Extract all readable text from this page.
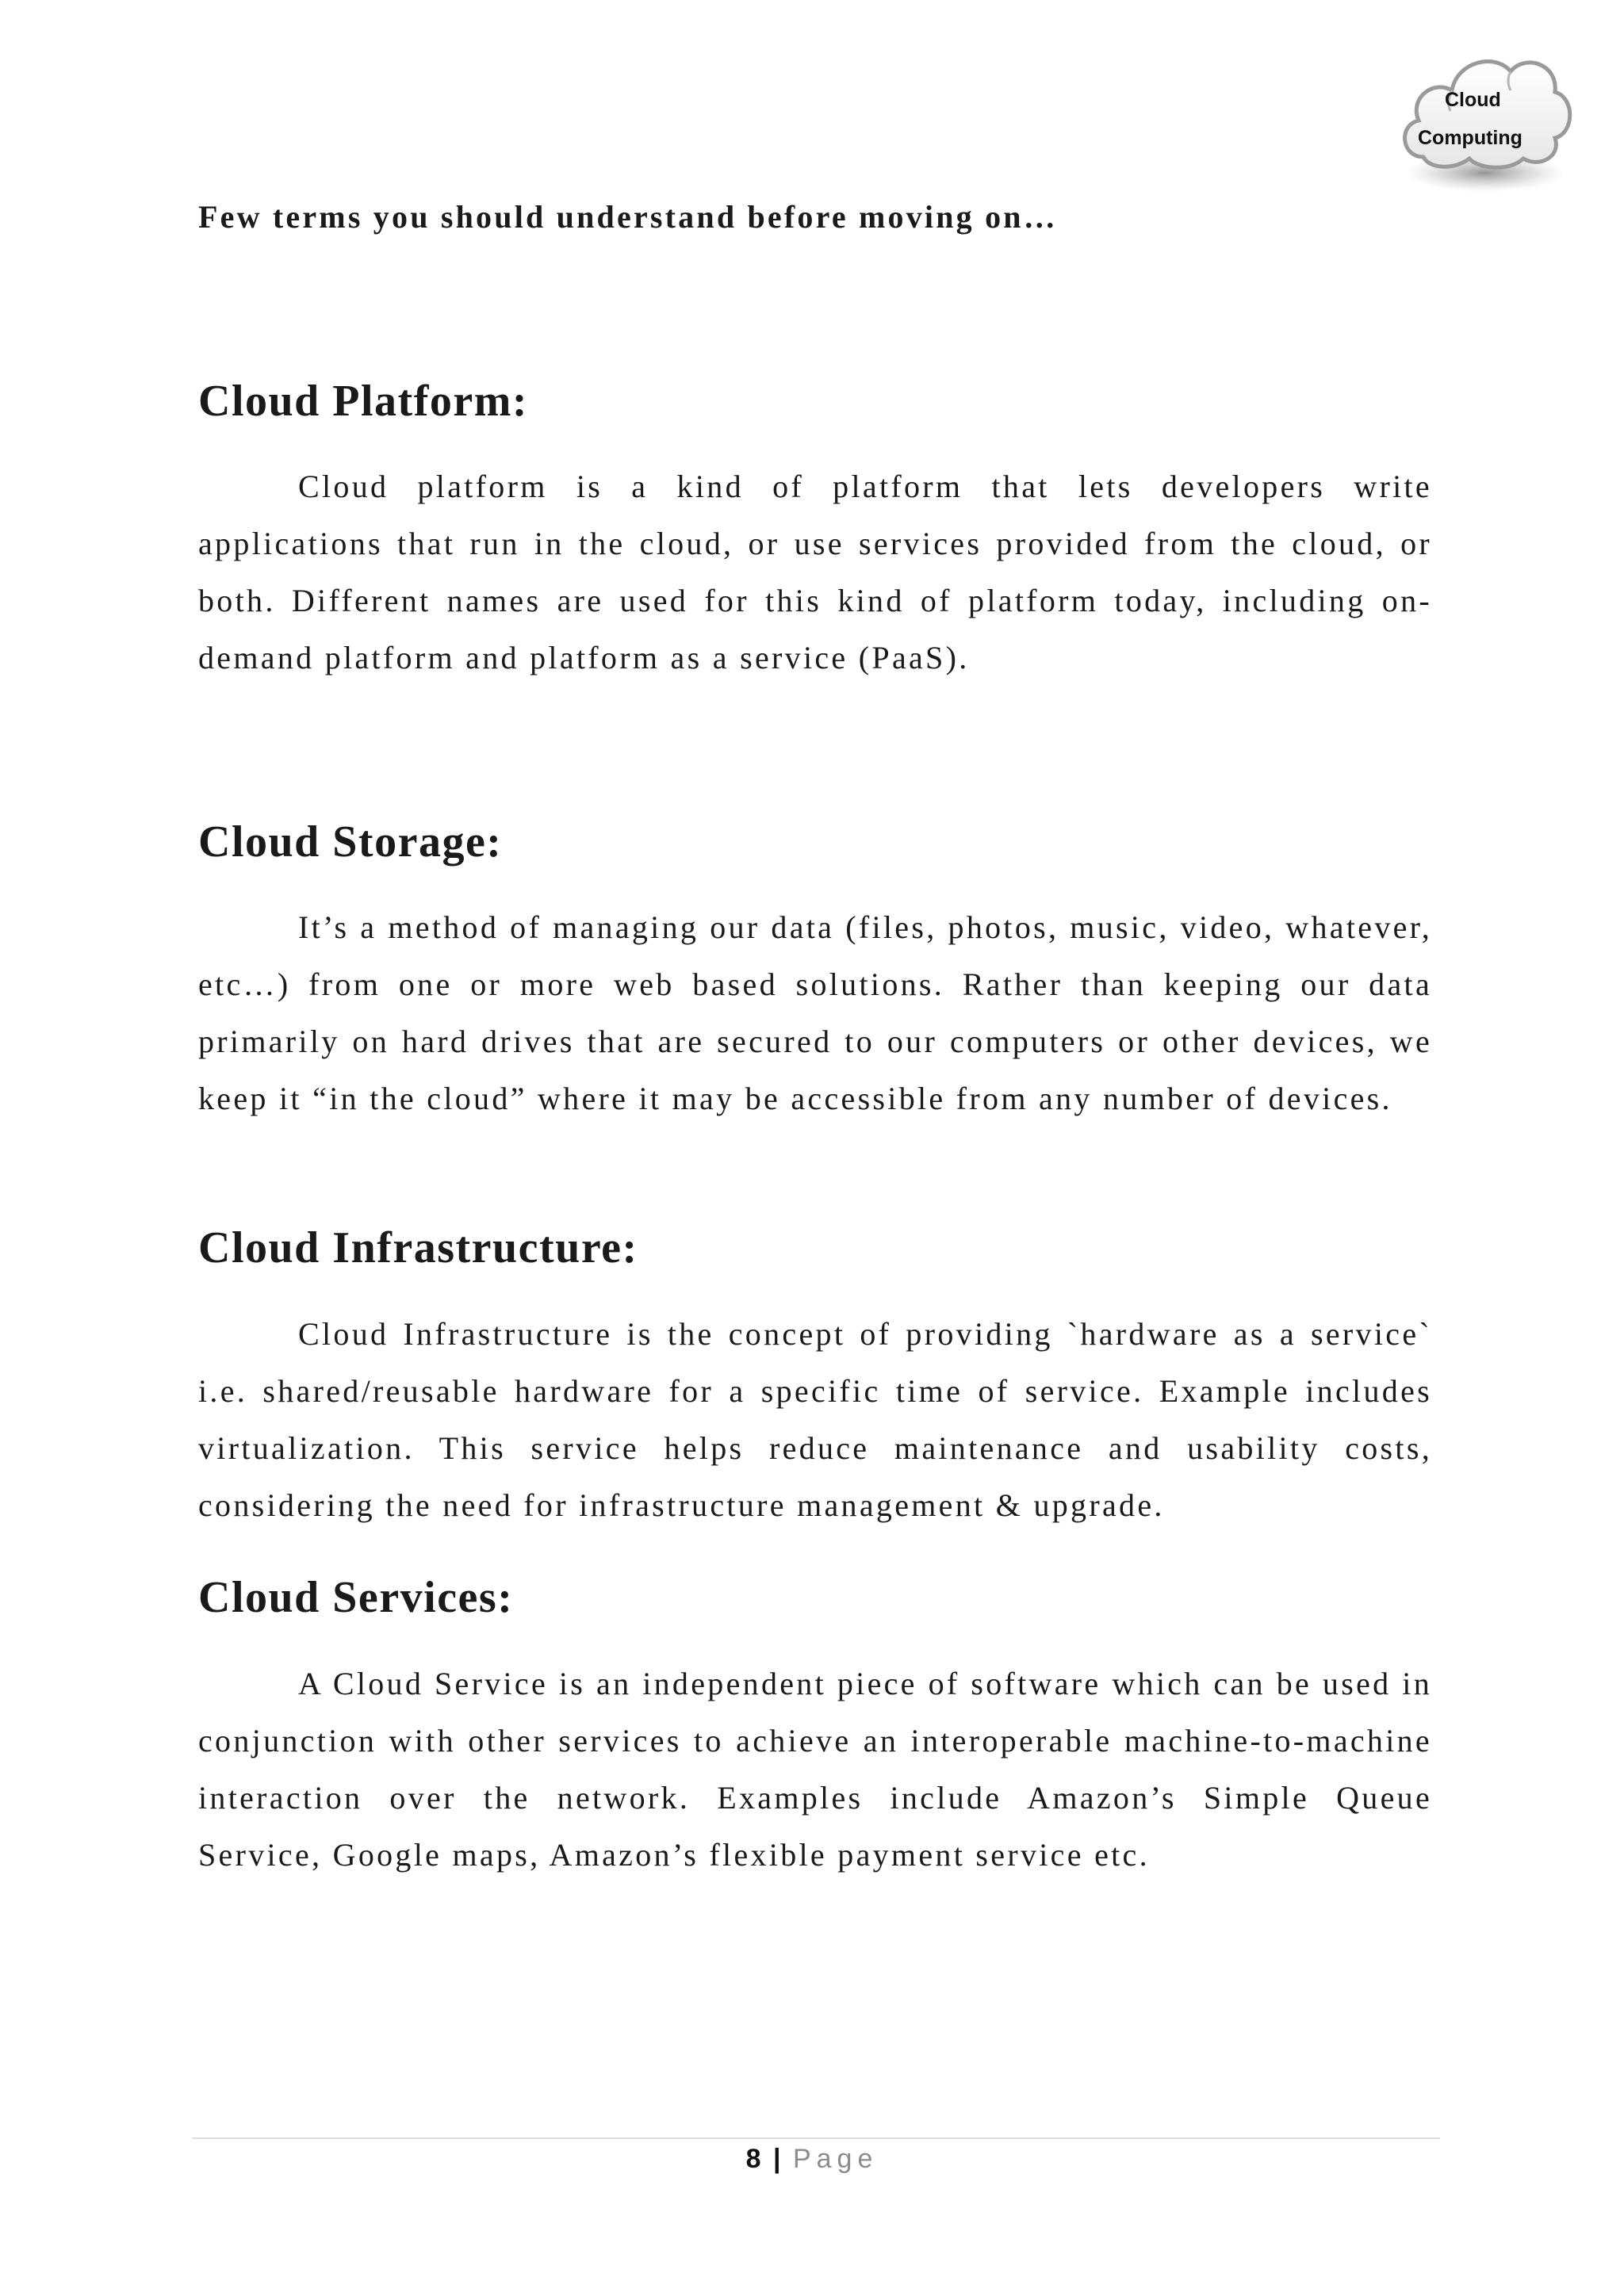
Cloud
Computing

Few terms you should understand before moving on…

Cloud Platform:

Cloud platform is a kind of platform that lets developers write applications that run in the cloud, or use services provided from the cloud, or both. Different names are used for this kind of platform today, including on-demand platform and platform as a service (PaaS).

Cloud Storage:

It’s a method of managing our data (files, photos, music, video, whatever, etc…) from one or more web based solutions. Rather than keeping our data primarily on hard drives that are secured to our computers or other devices, we keep it “in the cloud” where it may be accessible from any number of devices.

Cloud Infrastructure:

Cloud Infrastructure is the concept of providing `hardware as a service` i.e. shared/reusable hardware for a specific time of service. Example includes virtualization. This service helps reduce maintenance and usability costs, considering the need for infrastructure management & upgrade.

Cloud Services:

A Cloud Service is an independent piece of software which can be used in conjunction with other services to achieve an interoperable machine-to-machine interaction over the network. Examples include Amazon’s Simple Queue Service, Google maps, Amazon’s flexible payment service etc.

8 | Page
